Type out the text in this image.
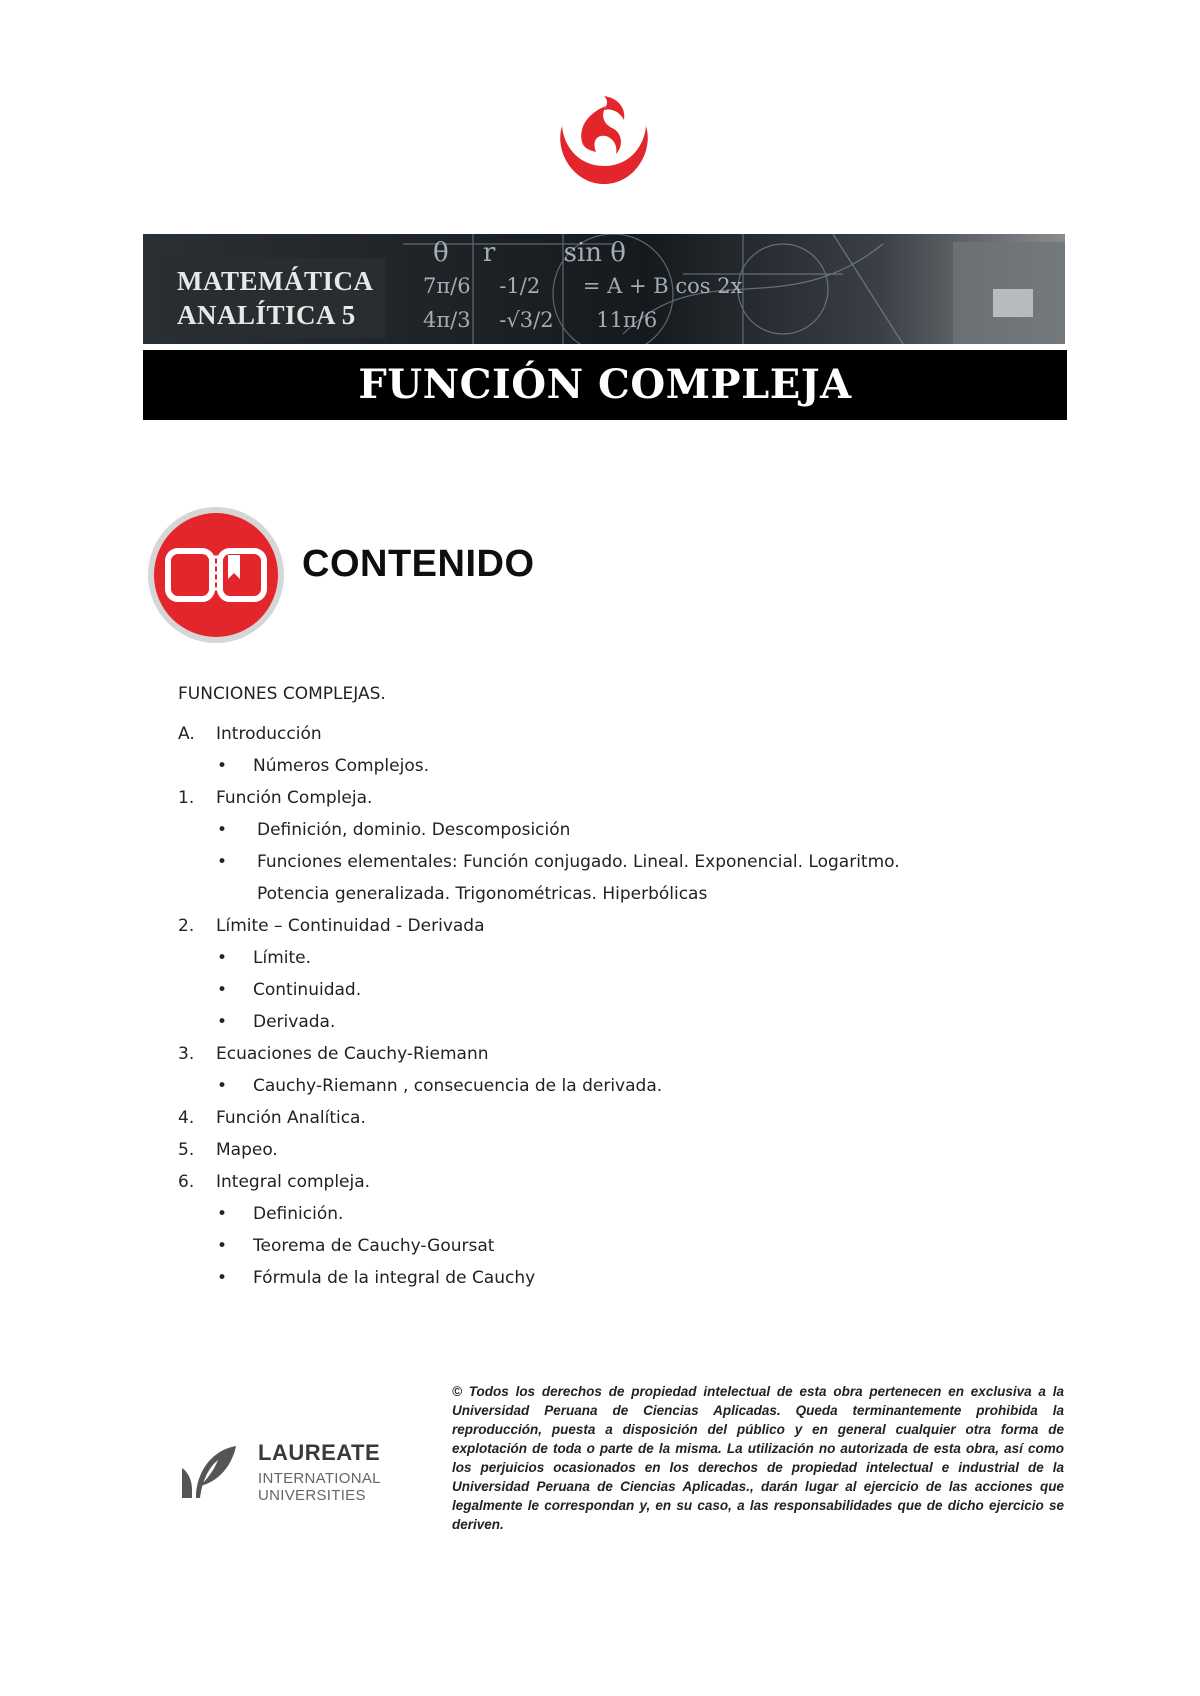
θ r	sin θ
7π/6 -1/2 = A + B cos 2x
4π/3 -√3/2 11π/6
MATEMÁTICA
ANALÍTICA 5
FUNCIÓN COMPLEJA
CONTENIDO
FUNCIONES COMPLEJAS.
A. Introducción
• Números Complejos.
1. Función Compleja.
• Definición, dominio. Descomposición
• Funciones elementales: Función conjugado. Lineal. Exponencial. Logaritmo.
Potencia generalizada. Trigonométricas. Hiperbólicas
2. Límite – Continuidad - Derivada
• Límite.
• Continuidad.
• Derivada.
3. Ecuaciones de Cauchy-Riemann
• Cauchy-Riemann , consecuencia de la derivada.
4. Función Analítica.
5. Mapeo.
6. Integral compleja.
• Definición.
• Teorema de Cauchy-Goursat
• Fórmula de la integral de Cauchy
LAUREATE
INTERNATIONAL
UNIVERSITIES
© Todos los derechos de propiedad intelectual de esta obra pertenecen en exclusiva a la Universidad Peruana de Ciencias Aplicadas. Queda terminantemente prohibida la reproducción, puesta a disposición del público y en general cualquier otra forma de explotación de toda o parte de la misma. La utilización no autorizada de esta obra, así como los perjuicios ocasionados en los derechos de propiedad intelectual e industrial de la Universidad Peruana de Ciencias Aplicadas., darán lugar al ejercicio de las acciones que legalmente le correspondan y, en su caso, a las responsabilidades que de dicho ejercicio se deriven.
